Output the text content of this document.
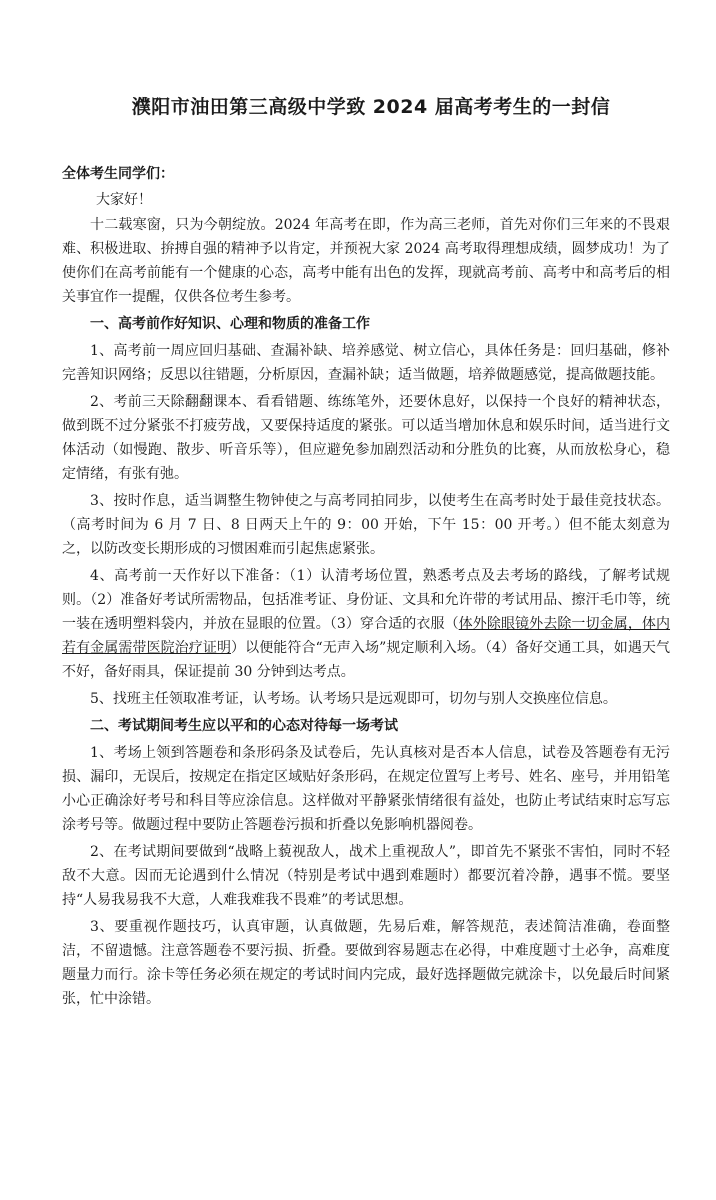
濮阳市油田第三高级中学致 2024 届高考考生的一封信
全体考生同学们：
大家好！

十二载寒窗，只为今朝绽放。2024 年高考在即，作为高三老师，首先对你们三年来的不畏艰难、积极进取、拚搏自强的精神予以肯定，并预祝大家 2024 高考取得理想成绩，圆梦成功！为了使你们在高考前能有一个健康的心态，高考中能有出色的发挥，现就高考前、高考中和高考后的相关事宜作一提醒，仅供各位考生参考。

一、高考前作好知识、心理和物质的准备工作

1、高考前一周应回归基础、查漏补缺、培养感觉、树立信心，具体任务是：回归基础，修补完善知识网络；反思以往错题，分析原因，查漏补缺；适当做题，培养做题感觉，提高做题技能。

2、考前三天除翻翻课本、看看错题、练练笔外，还要休息好，以保持一个良好的精神状态，做到既不过分紧张不打疲劳战，又要保持适度的紧张。可以适当增加休息和娱乐时间，适当进行文体活动（如慢跑、散步、听音乐等），但应避免参加剧烈活动和分胜负的比赛，从而放松身心，稳定情绪，有张有弛。

3、按时作息，适当调整生物钟使之与高考同拍同步，以使考生在高考时处于最佳竞技状态。（高考时间为 6 月 7 日、8 日两天上午的 9：00 开始，下午 15：00 开考。）但不能太刻意为之，以防改变长期形成的习惯困难而引起焦虑紧张。

4、高考前一天作好以下准备：（1）认清考场位置，熟悉考点及去考场的路线，了解考试规则。（2）准备好考试所需物品，包括准考证、身份证、文具和允许带的考试用品、擦汗毛巾等，统一装在透明塑料袋内，并放在显眼的位置。（3）穿合适的衣服（体外除眼镜外去除一切金属，体内若有金属需带医院治疗证明）以便能符合“无声入场”规定顺利入场。（4）备好交通工具，如遇天气不好，备好雨具，保证提前 30 分钟到达考点。

5、找班主任领取准考证，认考场。认考场只是远观即可，切勿与别人交换座位信息。

二、考试期间考生应以平和的心态对待每一场考试

1、考场上领到答题卷和条形码条及试卷后，先认真核对是否本人信息，试卷及答题卷有无污损、漏印，无误后，按规定在指定区域贴好条形码，在规定位置写上考号、姓名、座号，并用铅笔小心正确涂好考号和科目等应涂信息。这样做对平静紧张情绪很有益处，也防止考试结束时忘写忘涂考号等。做题过程中要防止答题卷污损和折叠以免影响机器阅卷。

2、在考试期间要做到“战略上藐视敌人，战术上重视敌人”，即首先不紧张不害怕，同时不轻敌不大意。因而无论遇到什么情况（特别是考试中遇到难题时）都要沉着冷静，遇事不慌。要坚持“人易我易我不大意，人难我难我不畏难”的考试思想。

3、要重视作题技巧，认真审题，认真做题，先易后难，解答规范，表述简洁准确，卷面整洁，不留遗憾。注意答题卷不要污损、折叠。要做到容易题志在必得，中难度题寸土必争，高难度题量力而行。涂卡等任务必须在规定的考试时间内完成，最好选择题做完就涂卡，以免最后时间紧张，忙中涂错。
